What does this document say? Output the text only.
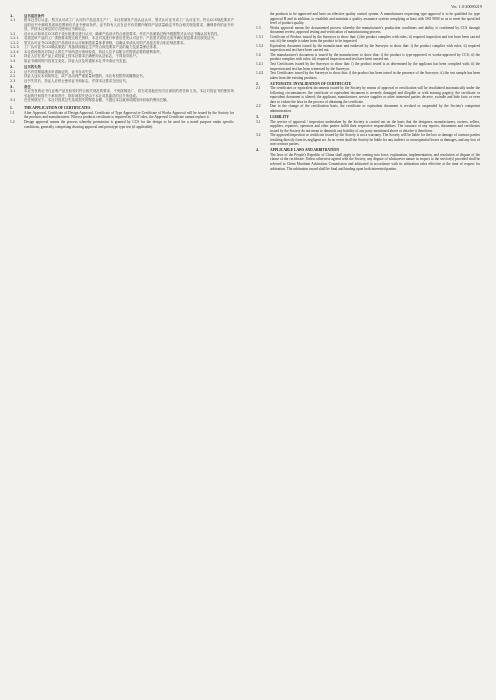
Ver. 1.0-20080219
1.	证书适用条件
1.1	根本社签订认证、型式认可或工厂认可的产品及其生产厂，本社将颁发产品认证认可、型式认可证书或工厂认可证书，符合CCS规范要求产品的证书中载明其适用范围和有关证书使用条件。证书持有人应在证书有效期内保持产品质量稳定并符合相关规范要求，确保持有的证书有效，并按本社规定的方式使用证书和标志。
1.2	设计认可和单位CCS将于设计批准后进行认可，确保产品设计符合规范要求，并在产品制造过程中根据型式认可证书确认其有效性。
1.2.1	若需送审产品的工厂须按要求提交相关资料，本社对其进行审查后签发认可证书；产品型式试验完成并满足规范要求后颁发证书。
1.2.2	型式认可证书CCS通过产品的设计认可和制造质量体系审核，以确认申请认可的产品是否符合相应规范要求。
1.2.3	工厂认可证书CCS确认制造厂具备持续稳定生产符合规范要求产品的能力及质量保证体系。
1.2.4	本社将视情况对持证人的生产场所进行现场检查，持证人应予以配合并提供必要的便利条件。
1.3	持证人应在其产品上或包装上按本社要求正确使用认证标志，不得误导用户。
1.4	如证书载明的内容发生变化，持证人应及时通知本社并申请证书变更。
2.	证书的失效
2.1	证书有效期届满未申请换证的，证书自动失效。
2.2	持证人违反本须知规定，或产品出现严重质量问题的，本社有权暂停或撤销证书。
2.3	证书失效后，持证人应停止使用证书和标志，并按本社要求交回证书。
3.	责任
3.1	本社签发的证书仅证明产品在检验时符合相关规范的要求，不免除制造厂、供方或其他任何方应承担的责任和义务。本社对因证书的使用所引起的任何损失不承担责任，除非该损失是由于本社或其雇员的过失所造成。
3.2	在任何情况下，本社对因其过失造成损失的赔偿金额，不超过本社就该项服务所收取的费用总额。
1.	THE APPLICATION OF CERTIFICATES
1.1	After Approval, Certificate of Design Approval, Certificate of Type Approval or Certificate of Works Approval will be issued by the Society for the products and manufacturers. When a products certificate is required by CCS' rules, the Approval Certificate cannot replace it.
1.2	Design approval means the process whereby permission is granted by CCS for the design to be used for a noted purpose under specific conditions, generally comprising drawing approval and prototype type test (if applicable).
the products to be approved and have an effective quality control system. A manufacturer requesting type approval is to be qualified for type approval B and in addition, to establish and maintain a quality assurance system complying at least with ISO 9000 so as to meet the specified level of product quality.
1.3	Works approval means the documented process whereby the manufacturer's production conditions and ability is confirmed by CCS through document review, approval testing and verification of manufacturing process.
1.3.1	Certificate of Product issued by the Surveyor to show that: i) the product complies with rules; ii) required inspection and test have been carried out; iii) the sample is taken from the product to be inspected.
1.3.2	Equivalent document issued by the manufacturer and endorsed by the Surveyor to show that: i) the product complies with rules; ii) required inspection and test have been carried out.
1.4	The manufacturer's document is issued by the manufacturer to show that: i) the product is type-approved or works-approved by CCS; ii) the product complies with rules; iii) required inspection and test have been carried out.
1.4.1	Test Certificates issued by the Surveyor to show that: i) the product tested is as determined by the applicant has been complied with; ii) the inspection and test has been witnessed by the Surveyor.
1.4.2	Test Certificates issued by the Surveyor to show that: i) the product has been tested in the presence of the Surveyor; ii) the test sample has been taken from the existing products.
2.	AUTOMATIC INVALIDATION OF CERTIFICATE
2.1	The certificates or equivalent documents issued by the Society by means of approval or certification will be invalidated automatically under the following circumstances: the certificate or equivalent document is severely damaged and illegible or with missing page(s); the certificate or equivalent document is altered; the applicant, manufacturer, service supplier or other interested parties deceive, swindle and hide facts or even dare to violate the laws in the process of obtaining the certificate.
2.2	Due to the change of the certification basis, the certificate or equivalent document is revoked or suspended by the Society's competent administration.
3.	LIABILITY
3.1	The service of approval / inspection undertaken by the Society is carried out on the basis that the designers, manufacturers, owners, sellers, suppliers, repairers, operators and other parties fulfill their respective responsibilities. The issuance of any reports, documents and certificates issued by the Society do not mean to diminish any liability of any party mentioned above or absolve it therefrom.
3.2	The approval/inspection or certificate issued by the Society is not a warranty. The Society will be liable for the loss or damage of contract parties resulting directly from its negligent act. In no event shall the Society be liable for any indirect or consequential losses or damages, and any loss of non-contract parties.
4.	APPLICABLE LAWS AND ARBITRATION
The laws of the People's Republic of China shall apply to the coming into force, explanation, implementation, and resolution of dispute of the clause of the certificate. Unless otherwise agreed with the Society, any dispute of whatsoever nature in respect to the service(s) provided shall be referred to China Maritime Arbitration Commission and arbitrated in accordance with its arbitration rules effective at the time of request for arbitration. The arbitration award shall be final and binding upon both interested parties.
